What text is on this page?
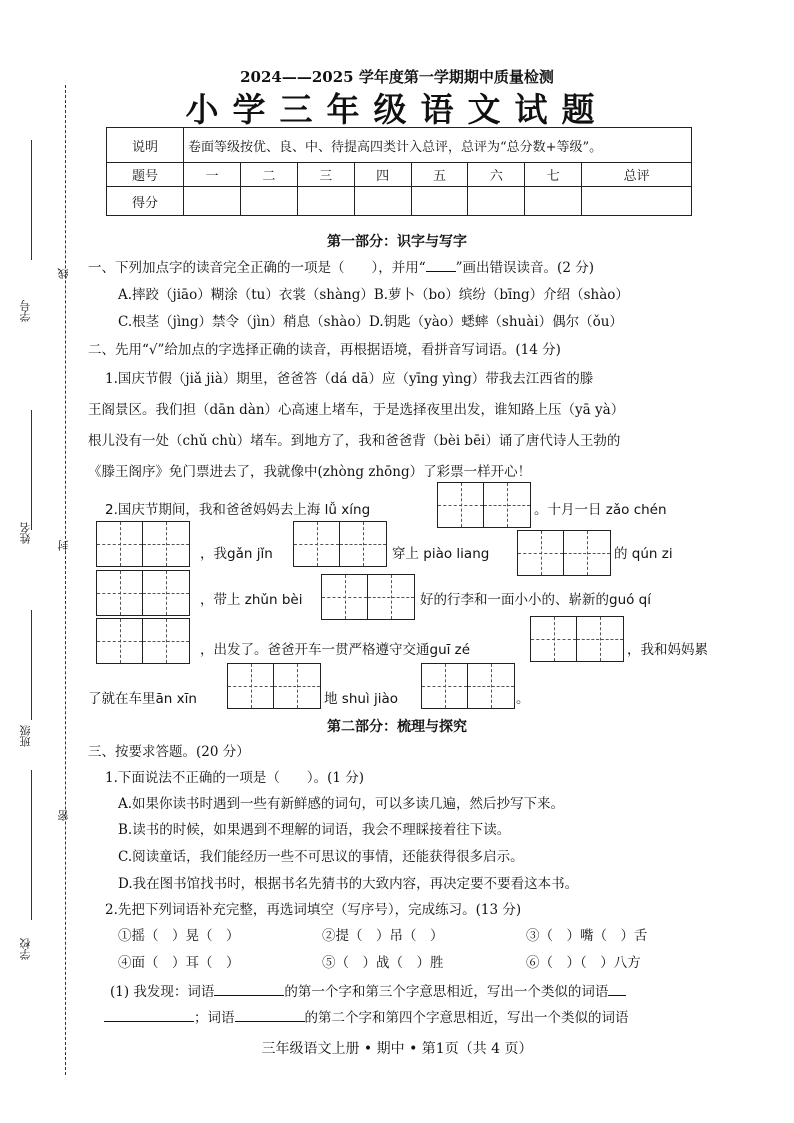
学号
姓名
班级
学校
线
封
密
2024——2025 学年度第一学期期中质量检测
小学三年级语文试题
说明	卷面等级按优、良、中、待提高四类计入总评，总评为“总分数+等级”。							
题号	一	二	三	四	五	六	七	总评
得分								
第一部分：识字与写字
一、下列加点字的读音完全正确的一项是（　　），并用“ ”画出错误读音。(2 分)
A.摔跤（jiāo）糊涂（tu）衣裳（shàng）B.萝卜（bo）缤纷（bīng）介绍（shào）
C.根茎（jìng）禁令（jìn）稍息（shào）D.钥匙（yào）蟋蟀（shuài）偶尔（ǒu）
二、先用“√”给加点的字选择正确的读音，再根据语境，看拼音写词语。(14 分)
1.国庆节假（jiǎ jià）期里，爸爸答（dá dā）应（yīng yìng）带我去江西省的滕
王阁景区。我们担（dān dàn）心高速上堵车，于是选择夜里出发，谁知路上压（yā yà）
根儿没有一处（chǔ chù）堵车。到地方了，我和爸爸背（bèi bēi）诵了唐代诗人王勃的
《滕王阁序》免门票进去了，我就像中(zhòng zhōng）了彩票一样开心！
2.国庆节期间，我和爸爸妈妈去上海 lǚ xíng	。十月一日 zǎo chén
，我gǎn jǐn	穿上 piào liang	的 qún zi
，带上 zhǔn bèi	好的行李和一面小小的、崭新的guó qí
，出发了。爸爸开车一贯严格遵守交通guī zé	，我和妈妈累
了就在车里ān xīn	地 shuì jiào	。
第二部分：梳理与探究
三、按要求答题。(20 分）
1.下面说法不正确的一项是（　　）。(1 分)
A.如果你读书时遇到一些有新鲜感的词句，可以多读几遍，然后抄写下来。
B.读书的时候，如果遇到不理解的词语，我会不理睬接着往下读。
C.阅读童话，我们能经历一些不可思议的事情，还能获得很多启示。
D.我在图书馆找书时，根据书名先猜书的大致内容，再决定要不要看这本书。
2.先把下列词语补充完整，再选词填空（写序号），完成练习。(13 分)
①摇（　）晃（　）	②提（　）吊（　）	③（　）嘴（　）舌
④面（　）耳（　）	⑤（　）战（　）胜	⑥（　）（　）八方
(1) 我发现：词语	的第一个字和第三个字意思相近，写出一个类似的词语
；词语	的第二个字和第四个字意思相近，写出一个类似的词语
三年级语文上册 • 期中 • 第1页（共 4 页）
